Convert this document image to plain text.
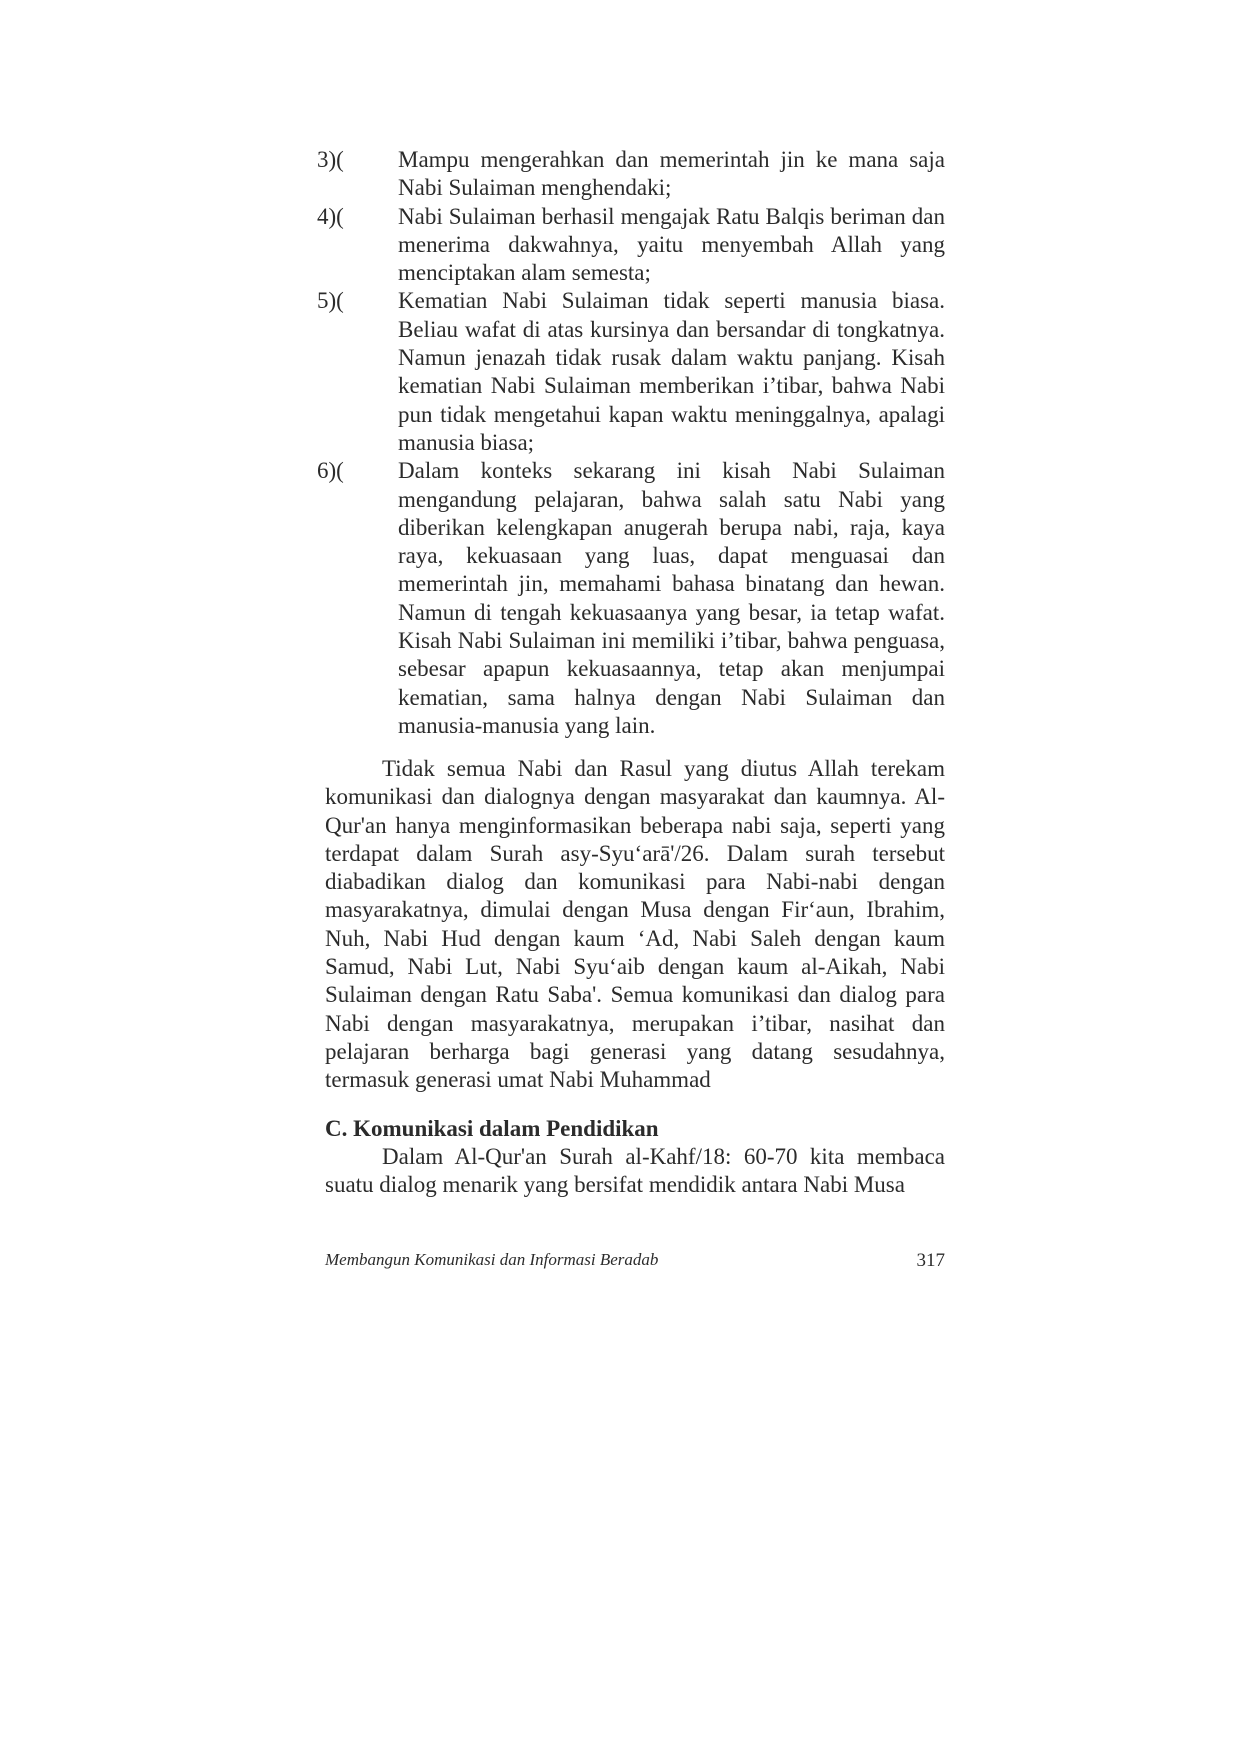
3)(	Mampu mengerahkan dan memerintah jin ke mana saja Nabi Sulaiman menghendaki;
4)(	Nabi Sulaiman berhasil mengajak Ratu Balqis beriman dan menerima dakwahnya, yaitu menyembah Allah yang menciptakan alam semesta;
5)(	Kematian Nabi Sulaiman tidak seperti manusia biasa. Beliau wafat di atas kursinya dan bersandar di tongkatnya. Namun jenazah tidak rusak dalam waktu panjang. Kisah kematian Nabi Sulaiman memberikan i’tibar, bahwa Nabi pun tidak mengetahui kapan waktu meninggalnya, apalagi manusia biasa;
6)(	Dalam konteks sekarang ini kisah Nabi Sulaiman mengandung pelajaran, bahwa salah satu Nabi yang diberikan kelengkapan anugerah berupa nabi, raja, kaya raya, kekuasaan yang luas, dapat menguasai dan memerintah jin, memahami bahasa binatang dan hewan. Namun di tengah kekuasaanya yang besar, ia tetap wafat. Kisah Nabi Sulaiman ini memiliki i’tibar, bahwa penguasa, sebesar apapun kekuasaannya, tetap akan menjumpai kematian, sama halnya dengan Nabi Sulaiman dan manusia-manusia yang lain.

Tidak semua Nabi dan Rasul yang diutus Allah terekam komunikasi dan dialognya dengan masyarakat dan kaumnya. Al-Qur'an hanya menginformasikan beberapa nabi saja, seperti yang terdapat dalam Surah asy-Syu‘arā'/26. Dalam surah tersebut diabadikan dialog dan komunikasi para Nabi-nabi dengan masyarakatnya, dimulai dengan Musa dengan Fir‘aun, Ibrahim, Nuh, Nabi Hud dengan kaum ‘Ad, Nabi Saleh dengan kaum Samud, Nabi Lut, Nabi Syu‘aib dengan kaum al-Aikah, Nabi Sulaiman dengan Ratu Saba'. Semua komunikasi dan dialog para Nabi dengan masyarakatnya, merupakan i’tibar, nasihat dan pelajaran berharga bagi generasi yang datang sesudahnya, termasuk generasi umat Nabi Muhammad

C. Komunikasi dalam Pendidikan

Dalam Al-Qur'an Surah al-Kahf/18: 60-70 kita membaca suatu dialog menarik yang bersifat mendidik antara Nabi Musa

Membangun Komunikasi dan Informasi Beradab	317
